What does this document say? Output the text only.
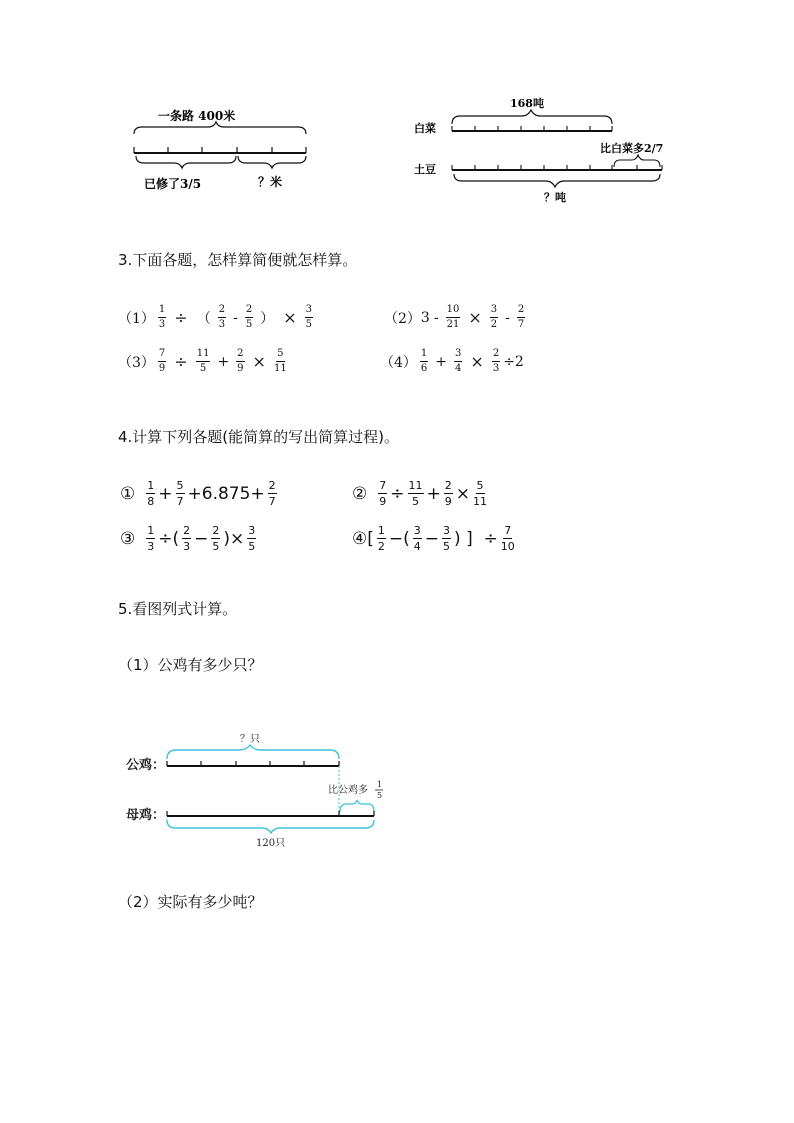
一条路 400米
已修了3/5	？米
168吨
白菜
比白菜多2/7
土豆
？吨
3.下面各题，怎样算简便就怎样算。
$(1) \frac{1}{3}$ ÷ （ $\frac{2}{3} - \frac{2}{5}$ ） × $\frac{3}{5}$	（2） $3 - \frac{10}{21} \times \frac{3}{2} - \frac{2}{7}$
$(3) \frac{7}{9} \div \frac{11}{5} + \frac{2}{9} \times \frac{5}{11}$	$(4) \frac{1}{6} + \frac{3}{4} \times \frac{2}{3} \div 2$
4.计算下列各题(能简算的写出简算过程)。
① $\frac{1}{8} + \frac{5}{7} + 6.875 + \frac{2}{7}$	② $\frac{7}{9} \div \frac{11}{5} + \frac{2}{9} \times \frac{5}{11}$
③ $\frac{1}{3}$ ÷( $\frac{2}{3} - \frac{2}{5}$ )× $\frac{3}{5}$	④ [ $\frac{1}{2}$ −( $\frac{3}{4} - \frac{3}{5}$ ) ]  ÷ $\frac{7}{10}$
5.看图列式计算。
（1）公鸡有多少只？
？只
公鸡：
比公鸡多
1
5
母鸡：
120只
（2）实际有多少吨？
